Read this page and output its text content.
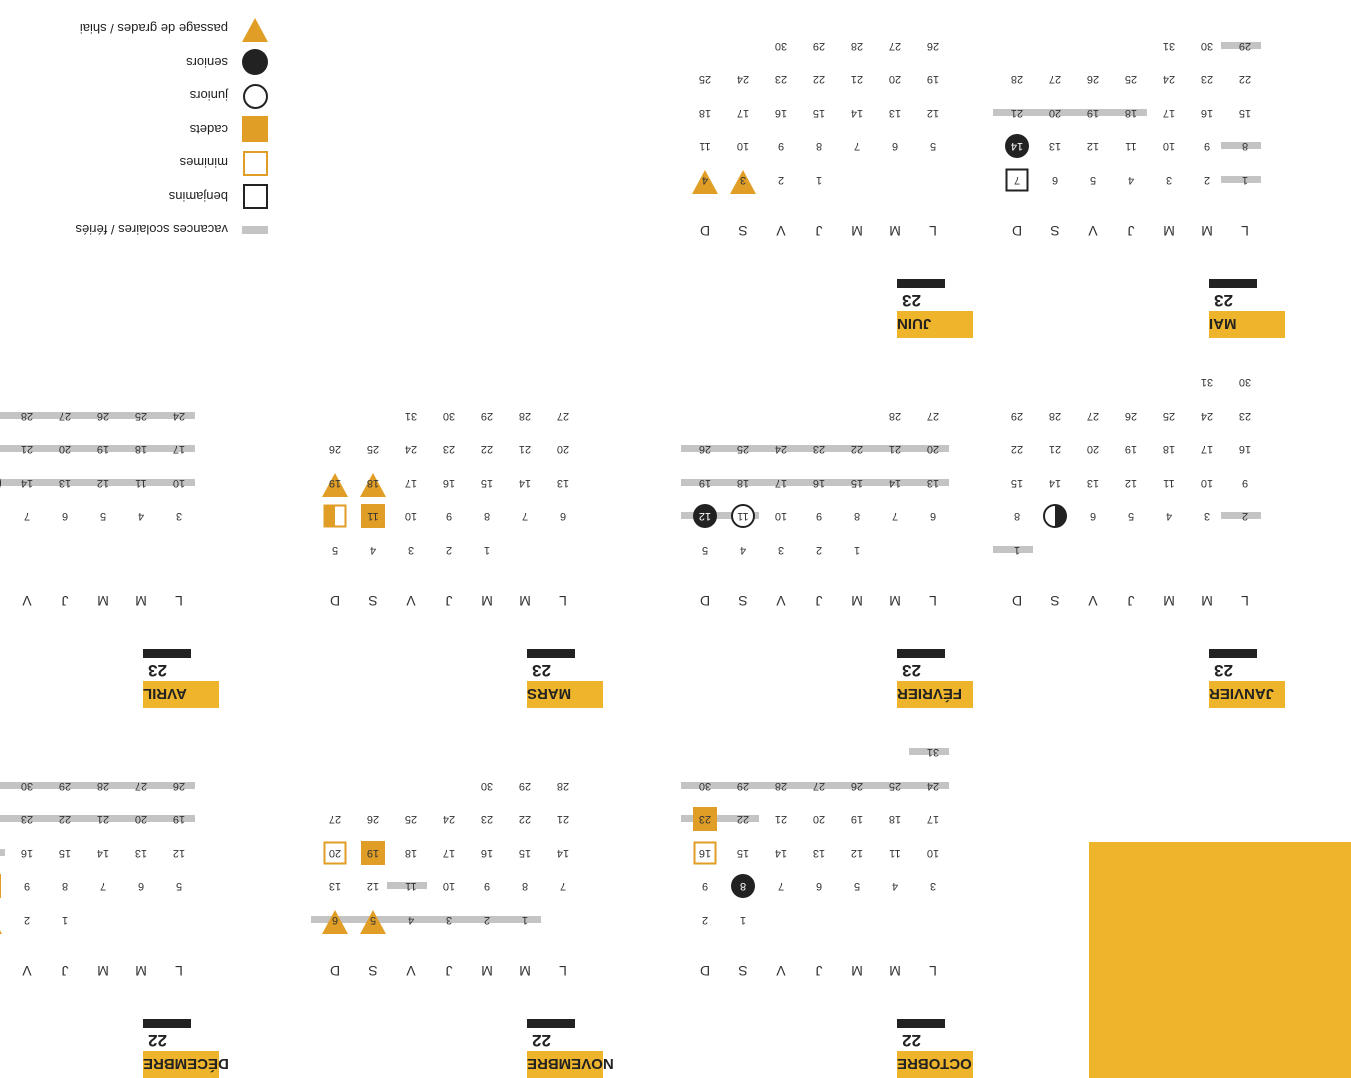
OCTOBRE
22
L
M
M
J
V
S
D
1
2
3
4
5
6
7
8
9
10
11
12
13
14
15
16
17
18
19
20
21
22
23
24
25
26
27
28
29
30
31
NOVEMBRE
22
L
M
M
J
V
S
D
1
2
3
4
5
6
7
8
9
10
11
12
13
14
15
16
17
18
19
20
21
22
23
24
25
26
27
28
29
30
DÉCEMBRE
22
L
M
M
J
V
1
2
5
6
7
8
9
12
13
14
15
16
19
20
21
22
23
26
27
28
29
30
JANVIER
23
L
M
M
J
V
S
D
1
2
3
4
5
6
8
9
10
11
12
13
14
15
16
17
18
19
20
21
22
23
24
25
26
27
28
29
30
31
FÉVRIER
23
L
M
M
J
V
S
D
1
2
3
4
5
6
7
8
9
10
11
12
13
14
15
16
17
18
19
20
21
22
23
24
25
26
27
28
MARS
23
L
M
M
J
V
S
D
1
2
3
4
5
6
7
8
9
10
11
13
14
15
16
17
18
19
20
21
22
23
24
25
26
27
28
29
30
31
AVRIL
23
L
M
M
J
V
3
4
5
6
7
10
11
12
13
14
17
18
19
20
21
24
25
26
27
28
MAI
23
L
M
M
J
V
S
D
1
2
3
4
5
6
7
8
9
10
11
12
13
14
15
16
17
18
19
20
21
22
23
24
25
26
27
28
29
30
31
JUIN
23
L
M
M
J
V
S
D
1
2
3
4
5
6
7
8
9
10
11
12
13
14
15
16
17
18
19
20
21
22
23
24
25
26
27
28
29
30
vacances scolaires / fériés
benjamins
minimes
cadets
juniors
seniors
passage de grades / shiai
